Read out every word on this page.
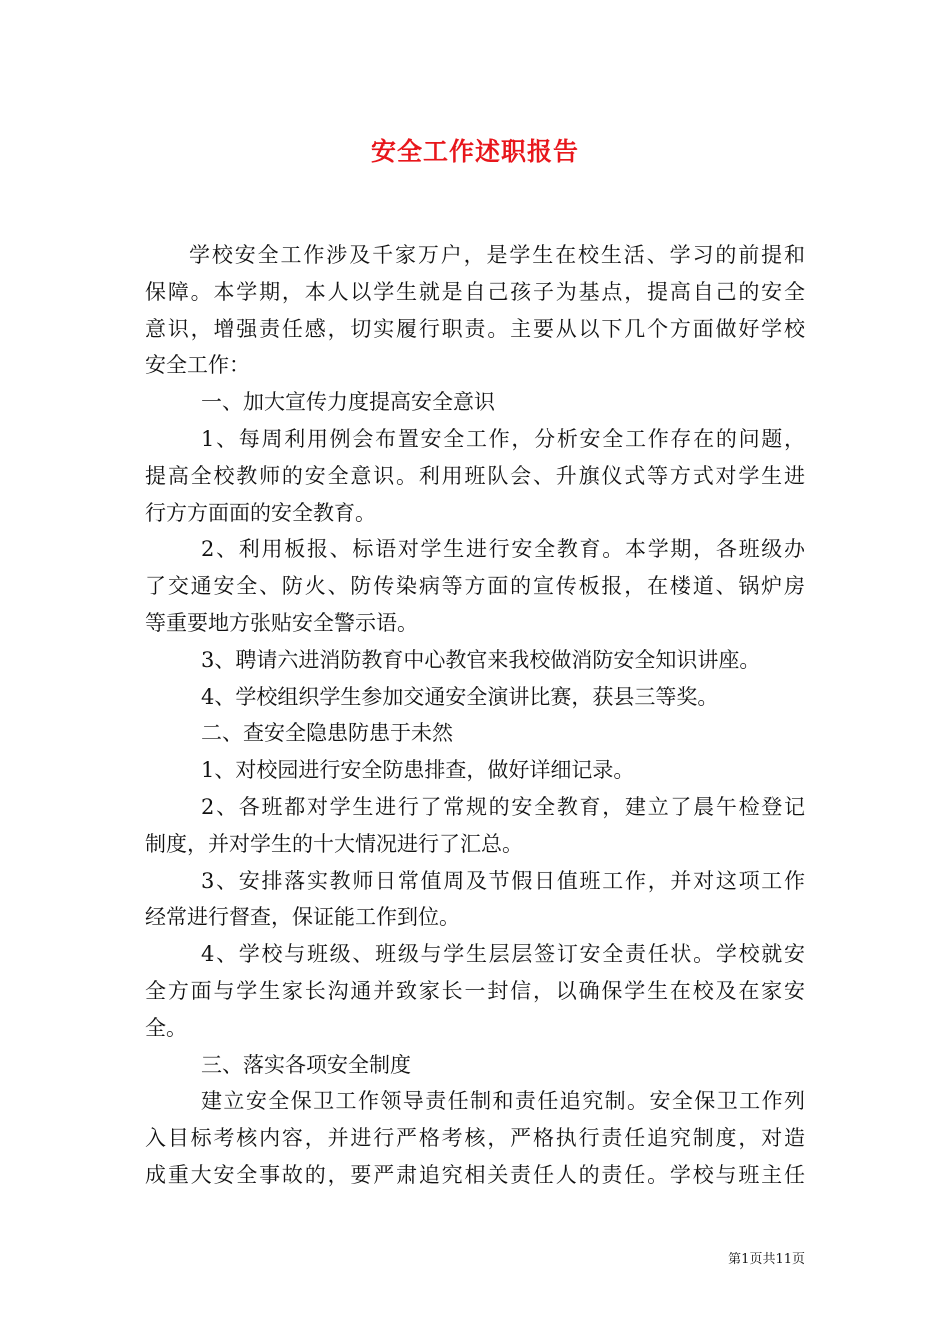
安全工作述职报告
学校安全工作涉及千家万户，是学生在校生活、学习的前提和
保障。本学期，本人以学生就是自己孩子为基点，提高自己的安全
意识，增强责任感，切实履行职责。主要从以下几个方面做好学校
安全工作：
一、加大宣传力度提高安全意识
1、每周利用例会布置安全工作，分析安全工作存在的问题，
提高全校教师的安全意识。利用班队会、升旗仪式等方式对学生进
行方方面面的安全教育。
2、利用板报、标语对学生进行安全教育。本学期，各班级办
了交通安全、防火、防传染病等方面的宣传板报，在楼道、锅炉房
等重要地方张贴安全警示语。
3、聘请六进消防教育中心教官来我校做消防安全知识讲座。
4、学校组织学生参加交通安全演讲比赛，获县三等奖。
二、查安全隐患防患于未然
1、对校园进行安全防患排查，做好详细记录。
2、各班都对学生进行了常规的安全教育，建立了晨午检登记
制度，并对学生的十大情况进行了汇总。
3、安排落实教师日常值周及节假日值班工作，并对这项工作
经常进行督查，保证能工作到位。
4、学校与班级、班级与学生层层签订安全责任状。学校就安
全方面与学生家长沟通并致家长一封信，以确保学生在校及在家安
全。
三、落实各项安全制度
建立安全保卫工作领导责任制和责任追究制。安全保卫工作列
入目标考核内容，并进行严格考核，严格执行责任追究制度，对造
成重大安全事故的，要严肃追究相关责任人的责任。学校与班主任
第1页共11页
